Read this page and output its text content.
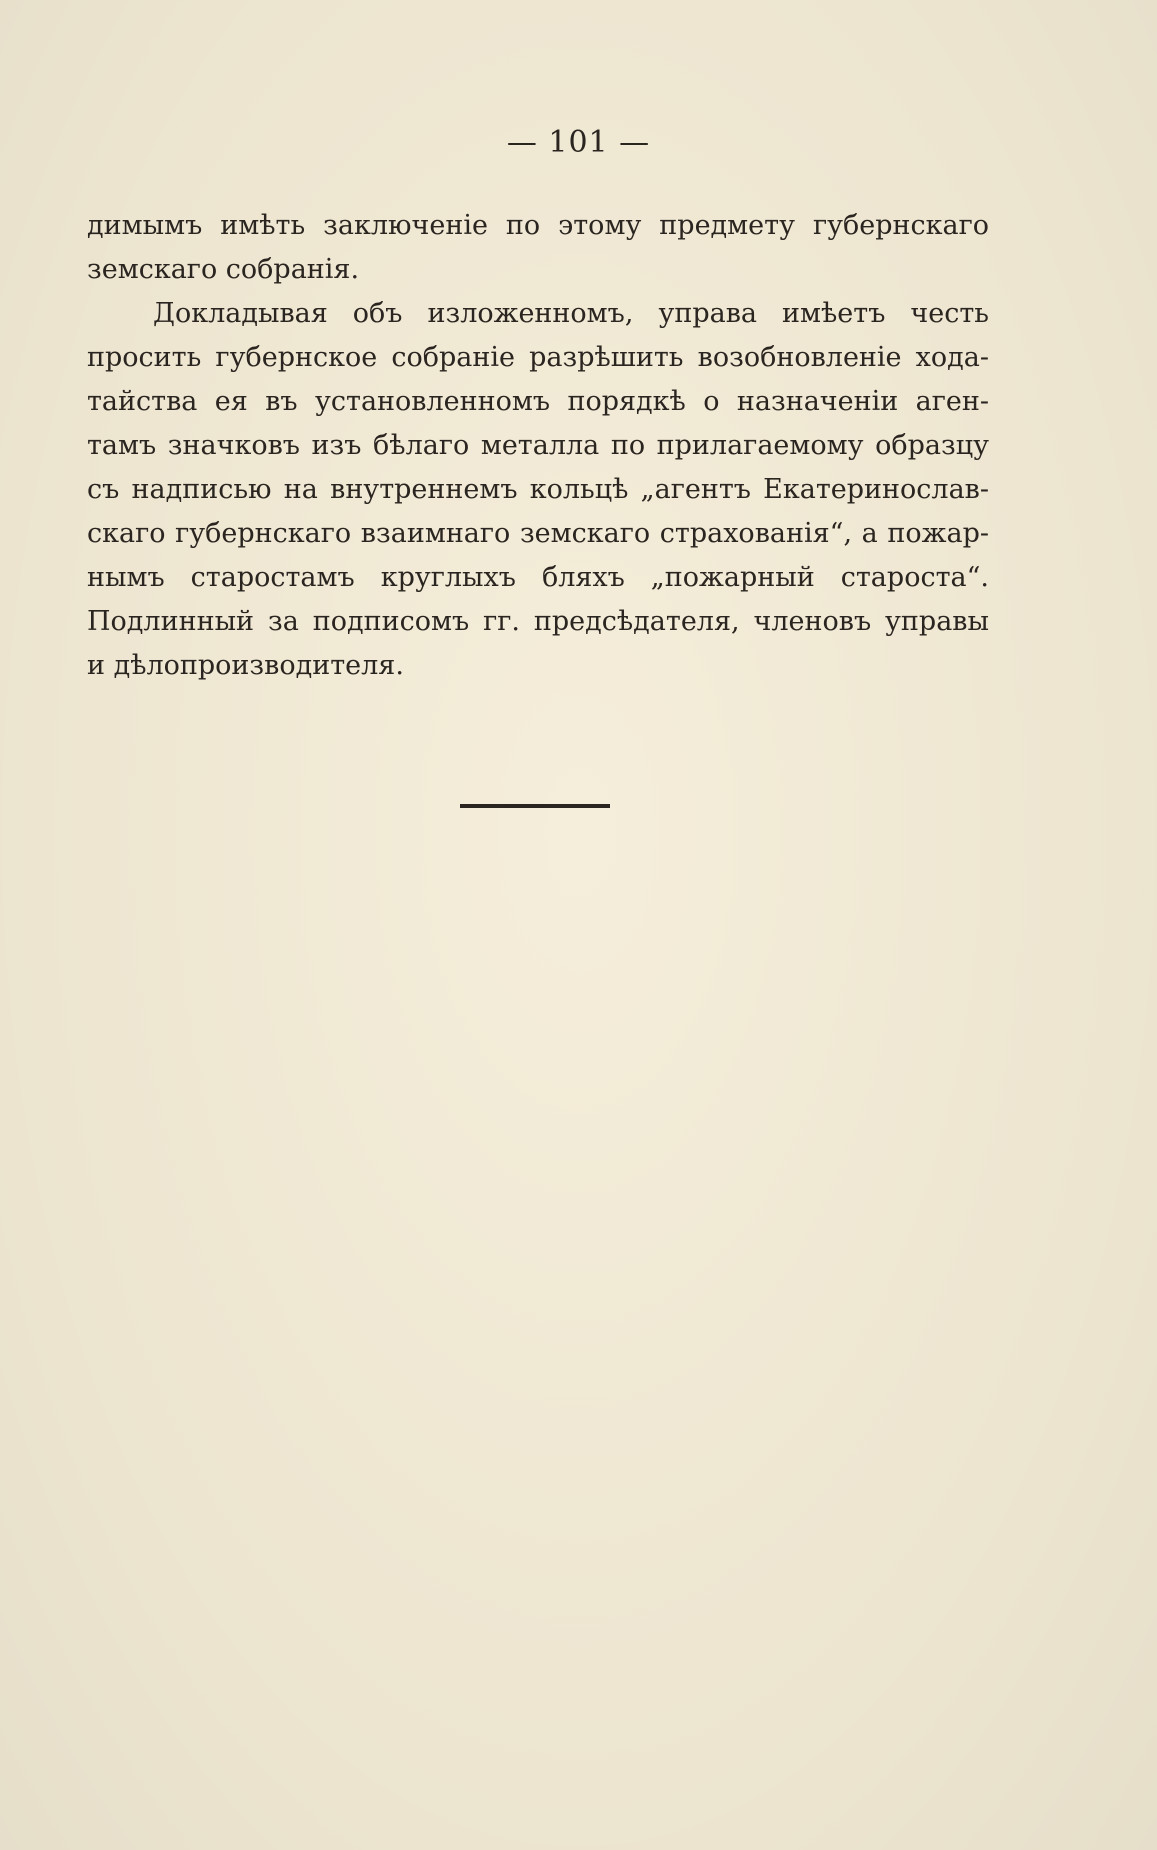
— 101 —
димымъ имѣть заключеніе по этому предмету губернскаго
земскаго собранія.
Докладывая объ изложенномъ, управа имѣетъ честь
просить губернское собраніе разрѣшить возобновленіе хода-
тайства ея въ установленномъ порядкѣ о назначеніи аген-
тамъ значковъ изъ бѣлаго металла по прилагаемому образцу
съ надписью на внутреннемъ кольцѣ „агентъ Екатеринослав-
скаго губернскаго взаимнаго земскаго страхованія“, а пожар-
нымъ старостамъ круглыхъ бляхъ „пожарный староста“.
Подлинный за подписомъ гг. предсѣдателя, членовъ управы
и дѣлопроизводителя.
